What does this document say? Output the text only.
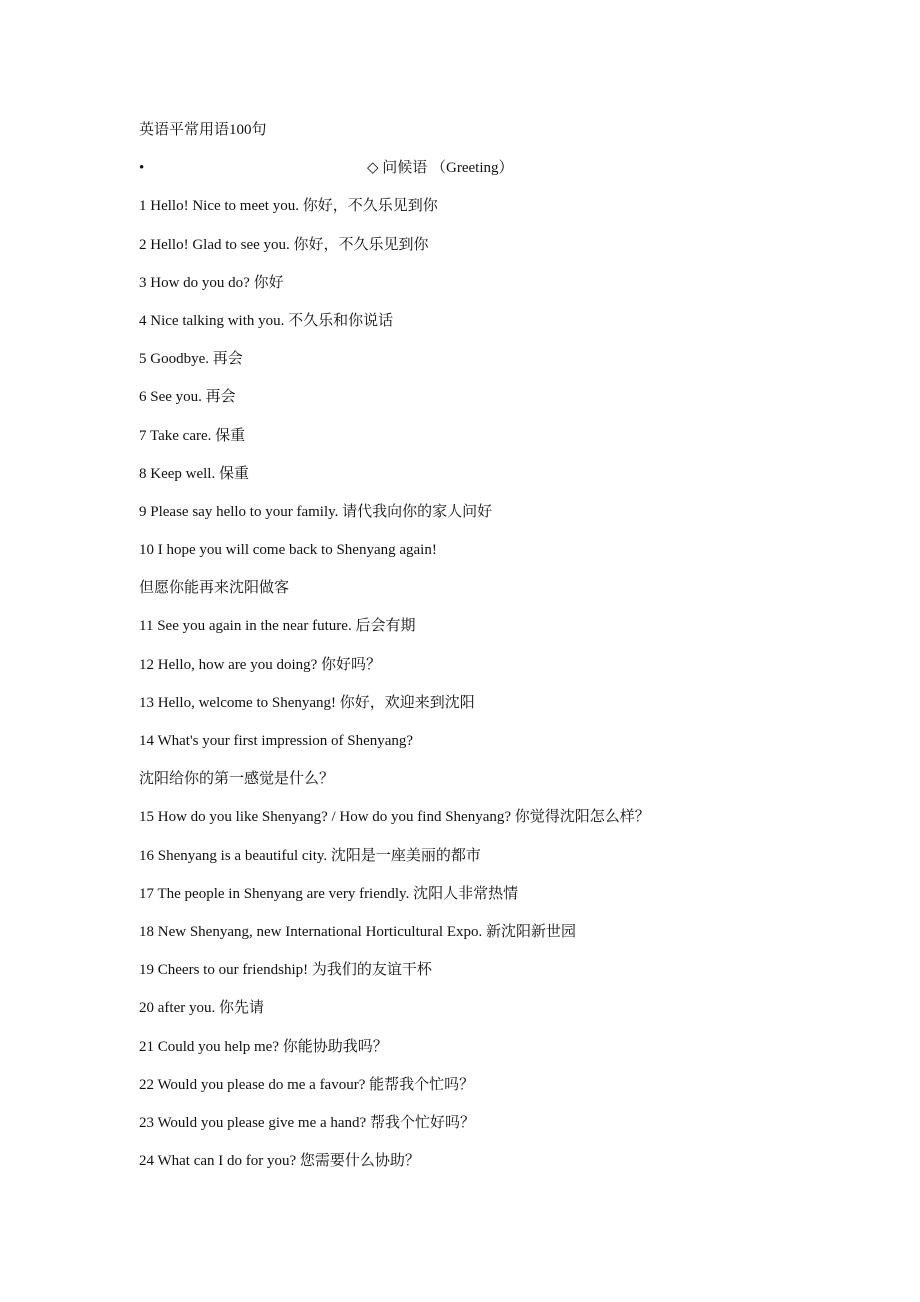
英语平常用语100句
•	◇ 问候语 （Greeting）
1 Hello! Nice to meet you. 你好，不久乐见到你
2 Hello! Glad to see you. 你好，不久乐见到你
3 How do you do? 你好
4 Nice talking with you. 不久乐和你说话
5 Goodbye. 再会
6 See you. 再会
7 Take care. 保重
8 Keep well. 保重
9 Please say hello to your family. 请代我向你的家人问好
10 I hope you will come back to Shenyang again!
但愿你能再来沈阳做客
11 See you again in the near future. 后会有期
12 Hello, how are you doing? 你好吗？
13 Hello, welcome to Shenyang! 你好，欢迎来到沈阳
14 What's your first impression of Shenyang?
沈阳给你的第一感觉是什么？
15 How do you like Shenyang? / How do you find Shenyang? 你觉得沈阳怎么样？
16 Shenyang is a beautiful city. 沈阳是一座美丽的都市
17 The people in Shenyang are very friendly. 沈阳人非常热情
18 New Shenyang, new International Horticultural Expo. 新沈阳新世园
19 Cheers to our friendship! 为我们的友谊干杯
20 after you. 你先请
21 Could you help me? 你能协助我吗？
22 Would you please do me a favour? 能帮我个忙吗？
23 Would you please give me a hand? 帮我个忙好吗？
24 What can I do for you? 您需要什么协助？
